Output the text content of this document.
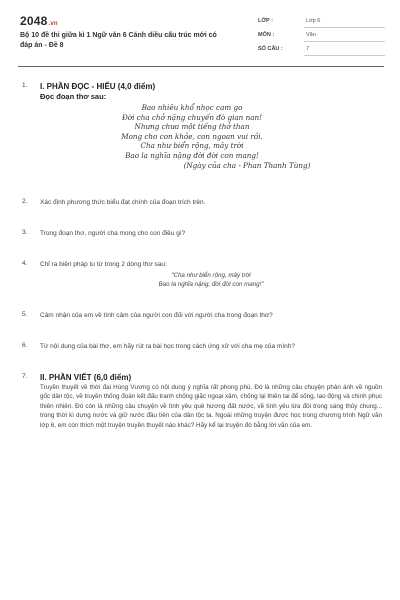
2048.vn
Bộ 10 đề thi giữa kì 1 Ngữ văn 6 Cánh diều cấu trúc mới có đáp án - Đề 8
LỚP :	Lớp 6
MÔN :	Văn
SỐ CÂU :	7
1. I. PHẦN ĐỌC - HIỂU (4,0 điểm)
Đọc đoạn thơ sau:
Bao nhiêu khổ nhọc cam go
Đời cha chở nặng chuyến đò gian nan!
Nhưng chưa một tiếng thở than
Mong cho con khỏe, con ngoan vui rồi.
Cha như biển rộng, mây trời
Bao la nghĩa nặng đời đời con mang!
(Ngày của cha - Phan Thanh Tùng)
2. Xác định phương thức biểu đạt chính của đoạn trích trên.
3. Trong đoạn thơ, người cha mong cho con điều gì?
4. Chỉ ra biện pháp tu từ trong 2 dòng thơ sau:
"Cha như biển rộng, mây trời
Bao la nghĩa nặng, đời đời con mang!"
5. Cảm nhận của em về tình cảm của người con đối với người cha trong đoạn thơ?
6. Từ nội dung của bài thơ, em hãy rút ra bài học trong cách ứng xử với cha mẹ của mình?
7. II. PHẦN VIẾT (6,0 điểm)
Truyền thuyết về thời đại Hùng Vương có nội dung ý nghĩa rất phong phú. Đó là những câu chuyện phản ánh về nguồn gốc dân tộc, về truyền thống đoàn kết đấu tranh chống giặc ngoại xâm, chống lại thiên tai để sống, lao động và chinh phục thiên nhiên. Đó còn là những câu chuyện về tình yêu quê hương đất nước, về tình yêu lứa đôi trong sáng thủy chung... trong thời kì dựng nước và giữ nước đầu tiên của dân tộc ta. Ngoài những truyện được học trong chương trình Ngữ văn lớp 6, em còn thích một truyện truyền thuyết nào khác? Hãy kể lại truyện đó bằng lời văn của em.
